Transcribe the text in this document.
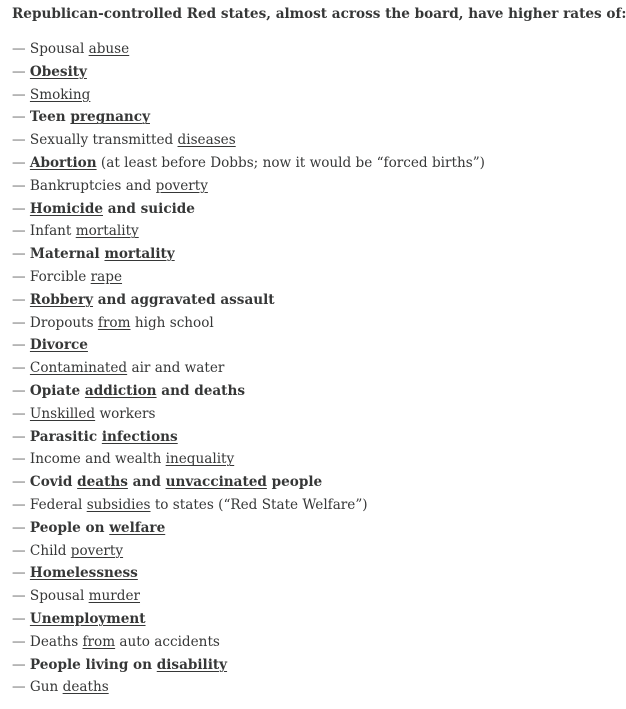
Republican-controlled Red states, almost across the board, have higher rates of:
— Spousal abuse
— Obesity
— Smoking
— Teen pregnancy
— Sexually transmitted diseases
— Abortion (at least before Dobbs; now it would be “forced births”)
— Bankruptcies and poverty
— Homicide and suicide
— Infant mortality
— Maternal mortality
— Forcible rape
— Robbery and aggravated assault
— Dropouts from high school
— Divorce
— Contaminated air and water
— Opiate addiction and deaths
— Unskilled workers
— Parasitic infections
— Income and wealth inequality
— Covid deaths and unvaccinated people
— Federal subsidies to states (“Red State Welfare”)
— People on welfare
— Child poverty
— Homelessness
— Spousal murder
— Unemployment
— Deaths from auto accidents
— People living on disability
— Gun deaths
